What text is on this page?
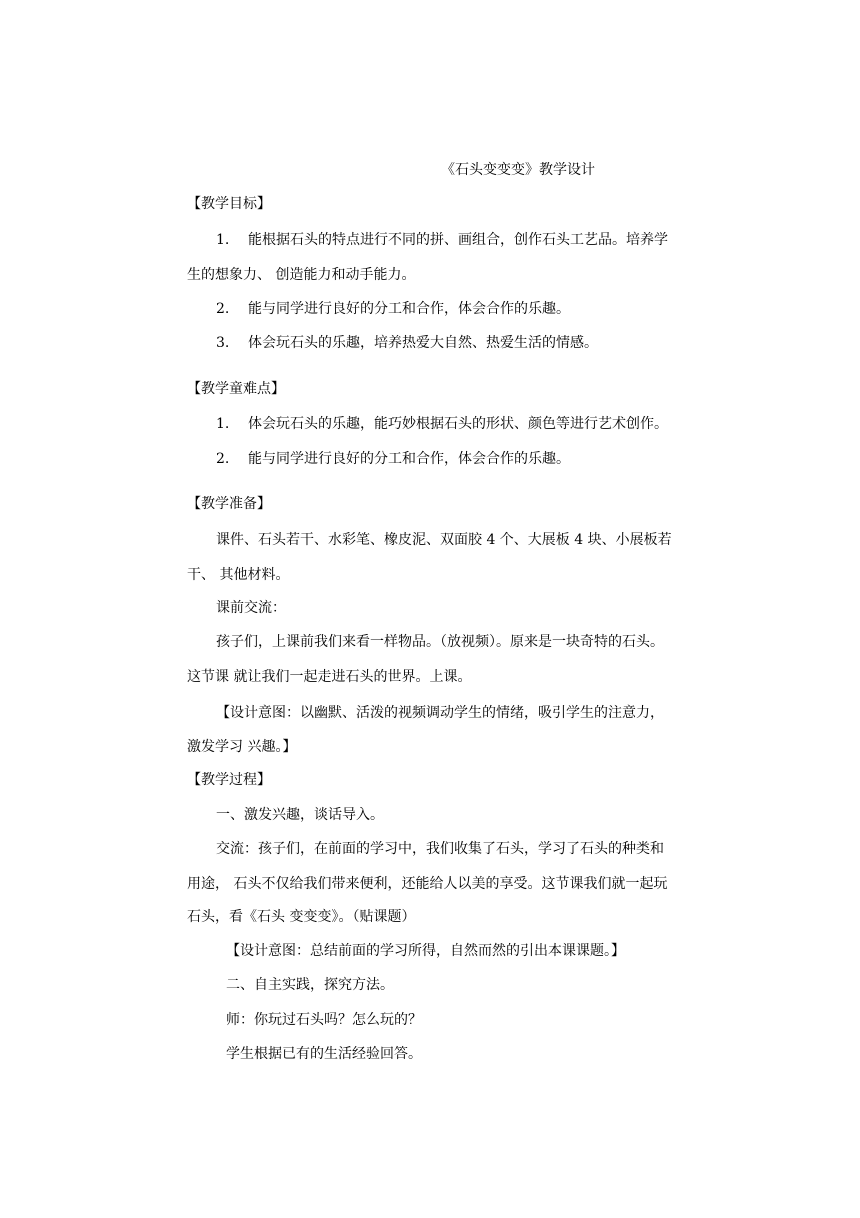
《石头变变变》教学设计
【教学目标】
1. 能根据石头的特点进行不同的拼、画组合，创作石头工艺品。培养学
生的想象力、 创造能力和动手能力。
2. 能与同学进行良好的分工和合作，体会合作的乐趣。
3. 体会玩石头的乐趣，培养热爱大自然、热爱生活的情感。
【教学童难点】
1. 体会玩石头的乐趣，能巧妙根据石头的形状、颜色等进行艺术创作。
2. 能与同学进行良好的分工和合作，体会合作的乐趣。
【教学准备】
课件、石头若干、水彩笔、橡皮泥、双面胶 4 个、大展板 4 块、小展板若
干、 其他材料。
课前交流：
孩子们，上课前我们来看一样物品。（放视频）。原来是一块奇特的石头。
这节课 就让我们一起走进石头的世界。上课。
【设计意图：以幽默、活泼的视频调动学生的情绪，吸引学生的注意力，
激发学习 兴趣。】
【教学过程】
一、激发兴趣，谈话导入。
交流：孩子们，在前面的学习中，我们收集了石头，学习了石头的种类和
用途， 石头不仅给我们带来便利，还能给人以美的享受。这节课我们就一起玩
石头，看《石头 变变变》。（贴课题）
【设计意图：总结前面的学习所得，自然而然的引出本课课题。】
二、自主实践，探究方法。
师：你玩过石头吗？怎么玩的？
学生根据已有的生活经验回答。
